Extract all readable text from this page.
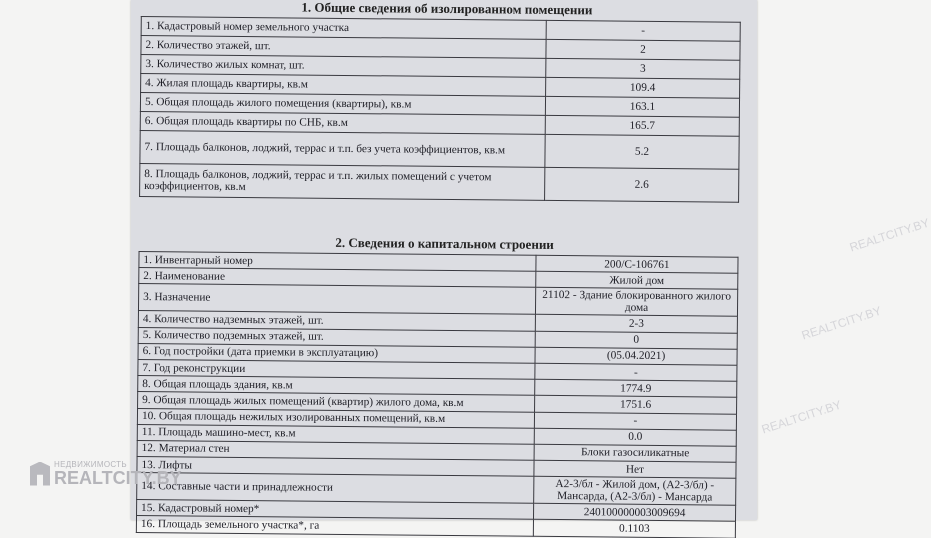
1. Общие сведения об изолированном помещении
1. Кадастровый номер земельного участка	-
2. Количество этажей, шт.	2
3. Количество жилых комнат, шт.	3
4. Жилая площадь квартиры, кв.м	109.4
5. Общая площадь жилого помещения (квартиры), кв.м	163.1
6. Общая площадь квартиры по СНБ, кв.м	165.7
7. Площадь балконов, лоджий, террас и т.п. без учета коэффициентов, кв.м	5.2
8. Площадь балконов, лоджий, террас и т.п. жилых помещений с учетом коэффициентов, кв.м	2.6
2. Сведения о капитальном строении
1. Инвентарный номер	200/C-106761
2. Наименование	Жилой дом
3. Назначение	21102 - Здание блокированного жилого дома
4. Количество надземных этажей, шт.	2-3
5. Количество подземных этажей, шт.	0
6. Год постройки (дата приемки в эксплуатацию)	(05.04.2021)
7. Год реконструкции	-
8. Общая площадь здания, кв.м	1774.9
9. Общая площадь жилых помещений (квартир) жилого дома, кв.м	1751.6
10. Общая площадь нежилых изолированных помещений, кв.м	-
11. Площадь машино-мест, кв.м	0.0
12. Материал стен	Блоки газосиликатные
13. Лифты	Нет
14. Составные части и принадлежности	А2-3/бл - Жилой дом, (А2-3/бл) - Мансарда, (А2-3/бл) - Мансарда
15. Кадастровый номер*	240100000003009694
16. Площадь земельного участка*, га	0.1103
REALTCITY.BY
REALTCITY.BY
REALTCITY.BY
НЕДВИЖИМОСТЬ
REALTCITY.BY
